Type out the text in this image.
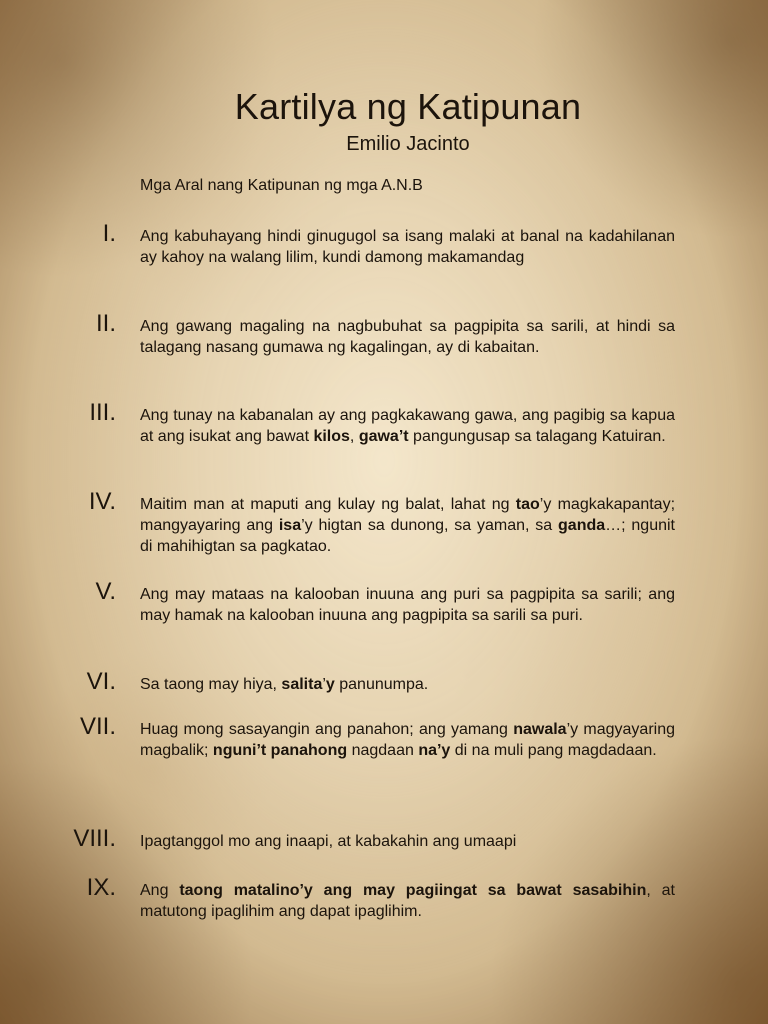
Kartilya ng Katipunan
Emilio Jacinto
Mga Aral nang Katipunan ng mga A.N.B
I. Ang kabuhayang hindi ginugugol sa isang malaki at banal na kadahilanan ay kahoy na walang lilim, kundi damong makamandag
II. Ang gawang magaling na nagbubuhat sa pagpipita sa sarili, at hindi sa talagang nasang gumawa ng kagalingan, ay di kabaitan.
III. Ang tunay na kabanalan ay ang pagkakawang gawa, ang pagibig sa kapua at ang isukat ang bawat kilos, gawa’t pangungusap sa talagang Katuiran.
IV. Maitim man at maputi ang kulay ng balat, lahat ng tao’y magkakapantay; mangyayaring ang isa’y higtan sa dunong, sa yaman, sa ganda…; ngunit di mahihigtan sa pagkatao.
V. Ang may mataas na kalooban inuuna ang puri sa pagpipita sa sarili; ang may hamak na kalooban inuuna ang pagpipita sa sarili sa puri.
VI. Sa taong may hiya, salita’y panunumpa.
VII. Huag mong sasayangin ang panahon; ang yamang nawala’y magyayaring magbalik; nguni’t panahong nagdaan na’y di na muli pang magdadaan.
VIII. Ipagtanggol mo ang inaapi, at kabakahin ang umaapi
IX. Ang taong matalino’y ang may pagiingat sa bawat sasabihin, at matutong ipaglihim ang dapat ipaglihim.
